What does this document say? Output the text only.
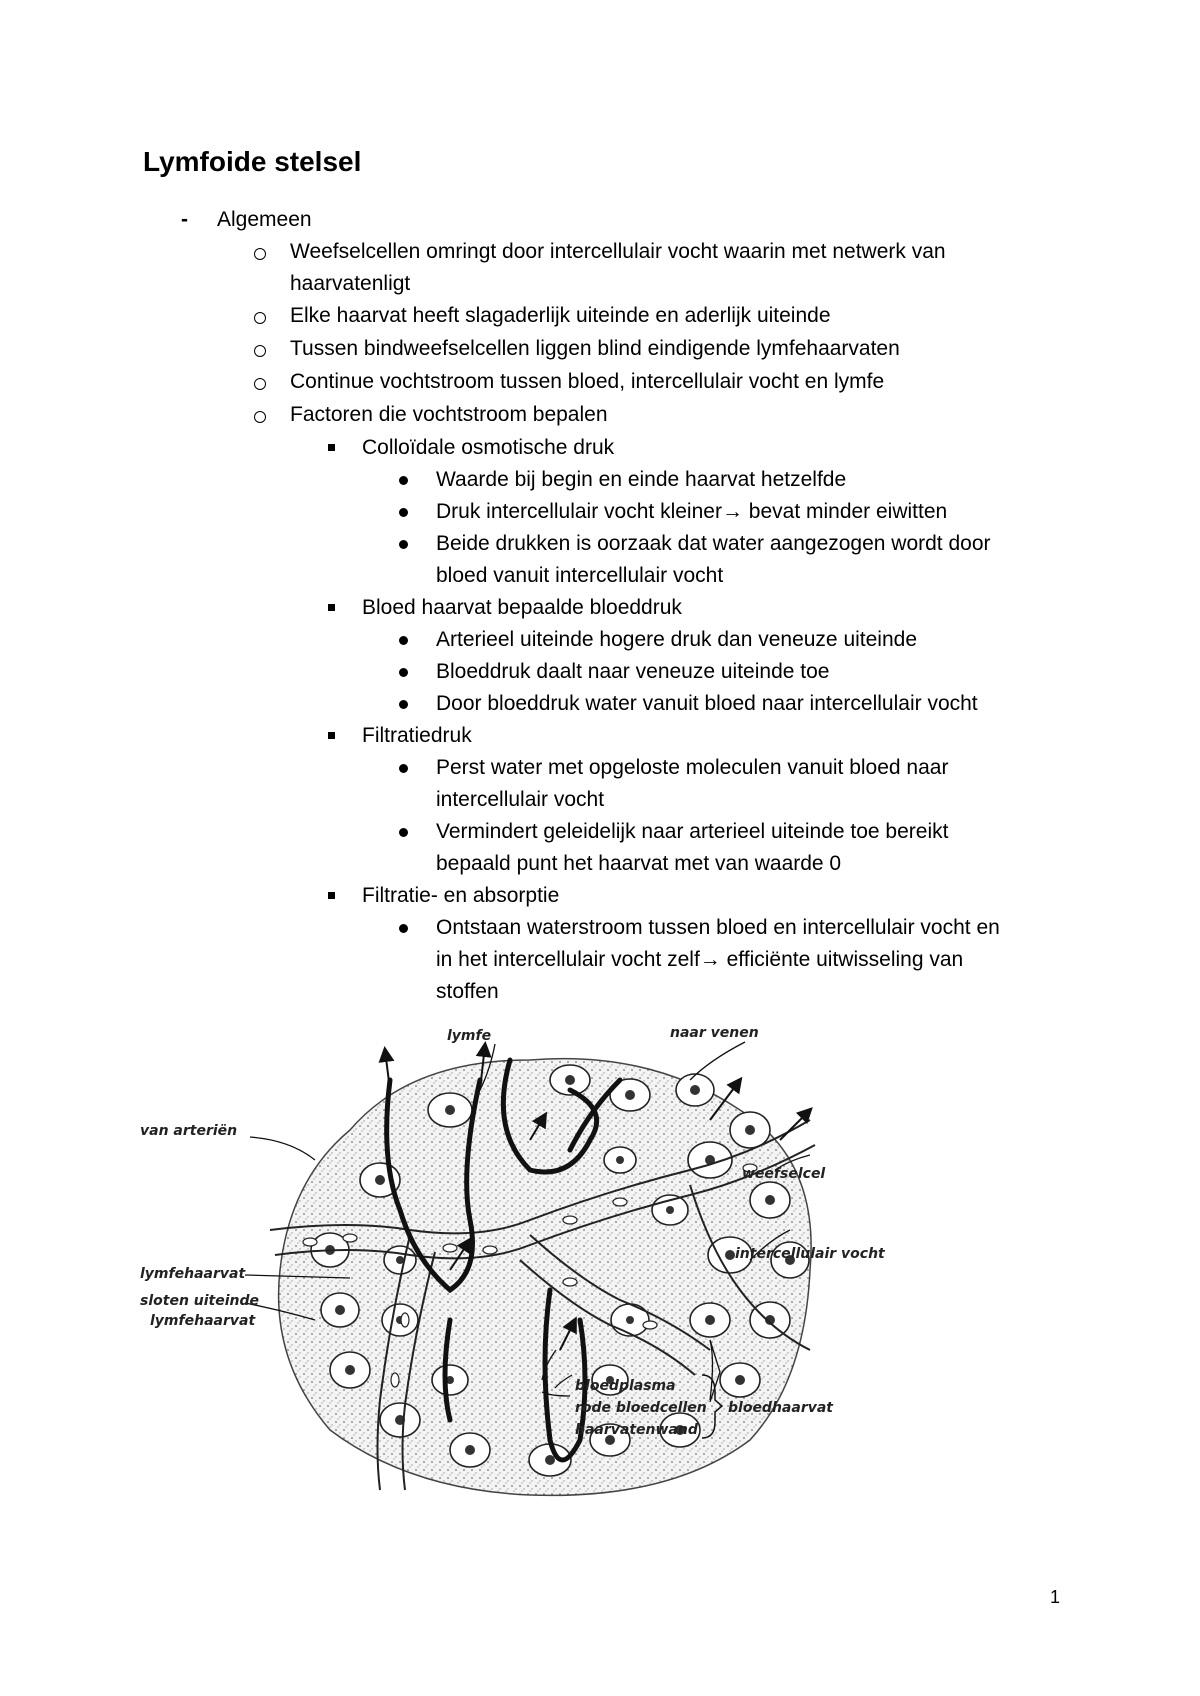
Lymfoide stelsel
- Algemeen
Weefselcellen omringt door intercellulair vocht waarin met netwerk van
haarvatenligt
Elke haarvat heeft slagaderlijk uiteinde en aderlijk uiteinde
Tussen bindweefselcellen liggen blind eindigende lymfehaarvaten
Continue vochtstroom tussen bloed, intercellulair vocht en lymfe
Factoren die vochtstroom bepalen
Colloïdale osmotische druk
Waarde bij begin en einde haarvat hetzelfde
Druk intercellulair vocht kleiner→ bevat minder eiwitten
Beide drukken is oorzaak dat water aangezogen wordt door
bloed vanuit intercellulair vocht
Bloed haarvat bepaalde bloeddruk
Arterieel uiteinde hogere druk dan veneuze uiteinde
Bloeddruk daalt naar veneuze uiteinde toe
Door bloeddruk water vanuit bloed naar intercellulair vocht
Filtratiedruk
Perst water met opgeloste moleculen vanuit bloed naar
intercellulair vocht
Vermindert geleidelijk naar arterieel uiteinde toe bereikt
bepaald punt het haarvat met van waarde 0
Filtratie- en absorptie
Ontstaan waterstroom tussen bloed en intercellulair vocht en
in het intercellulair vocht zelf→ efficiënte uitwisseling van
stoffen
lymfe	naar venen
van arteriën
weefselcel
intercellulair vocht
lymfehaarvat
sloten uiteinde
lymfehaarvat
bloedplasma
rode bloedcellen
haarvatenwand
bloedhaarvat
1
